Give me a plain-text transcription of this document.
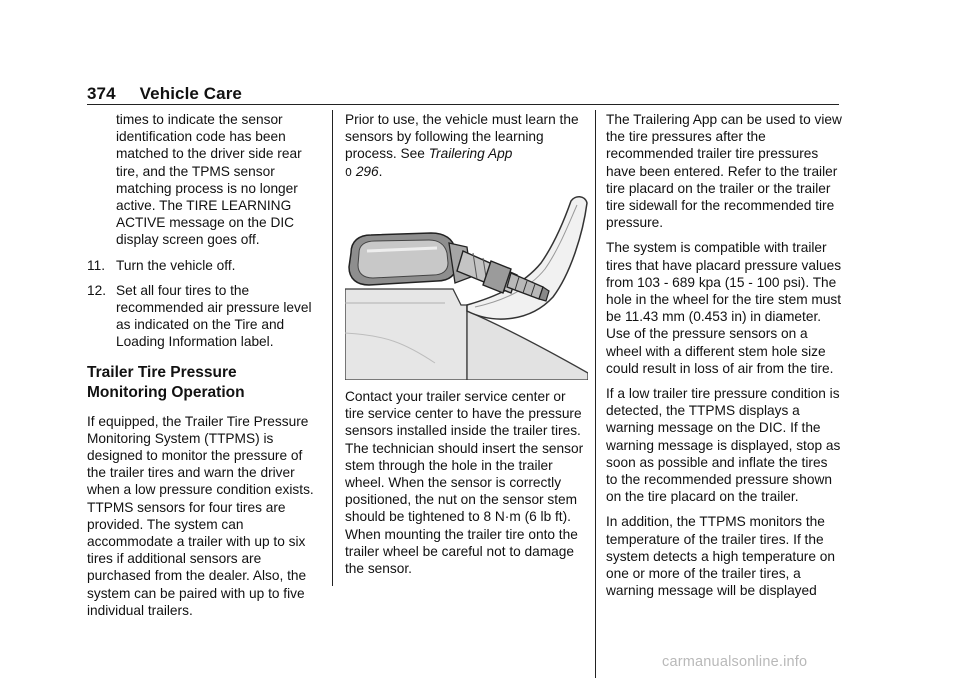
374 Vehicle Care

times to indicate the sensor identification code has been matched to the driver side rear tire, and the TPMS sensor matching process is no longer active. The TIRE LEARNING ACTIVE message on the DIC display screen goes off.

11. Turn the vehicle off.
12. Set all four tires to the recommended air pressure level as indicated on the Tire and Loading Information label.
Trailer Tire Pressure
Monitoring Operation

If equipped, the Trailer Tire Pressure Monitoring System (TTPMS) is designed to monitor the pressure of the trailer tires and warn the driver when a low pressure condition exists. TTPMS sensors for four tires are provided. The system can accommodate a trailer with up to six tires if additional sensors are purchased from the dealer. Also, the system can be paired with up to five individual trailers.

Prior to use, the vehicle must learn the sensors by following the learning process. See Trailering App
0 296.

Contact your trailer service center or tire service center to have the pressure sensors installed inside the trailer tires. The technician should insert the sensor stem through the hole in the trailer wheel. When the sensor is correctly positioned, the nut on the sensor stem should be tightened to 8 N·m (6 lb ft). When mounting the trailer tire onto the trailer wheel be careful not to damage the sensor.

The Trailering App can be used to view the tire pressures after the recommended trailer tire pressures have been entered. Refer to the trailer tire placard on the trailer or the trailer tire sidewall for the recommended tire pressure.

The system is compatible with trailer tires that have placard pressure values from 103 - 689 kpa (15 - 100 psi). The hole in the wheel for the tire stem must be 11.43 mm (0.453 in) in diameter. Use of the pressure sensors on a wheel with a different stem hole size could result in loss of air from the tire.

If a low trailer tire pressure condition is detected, the TTPMS displays a warning message on the DIC. If the warning message is displayed, stop as soon as possible and inflate the tires to the recommended pressure shown on the tire placard on the trailer.

In addition, the TTPMS monitors the temperature of the trailer tires. If the system detects a high temperature on one or more of the trailer tires, a warning message will be displayed

carmanualsonline.info
